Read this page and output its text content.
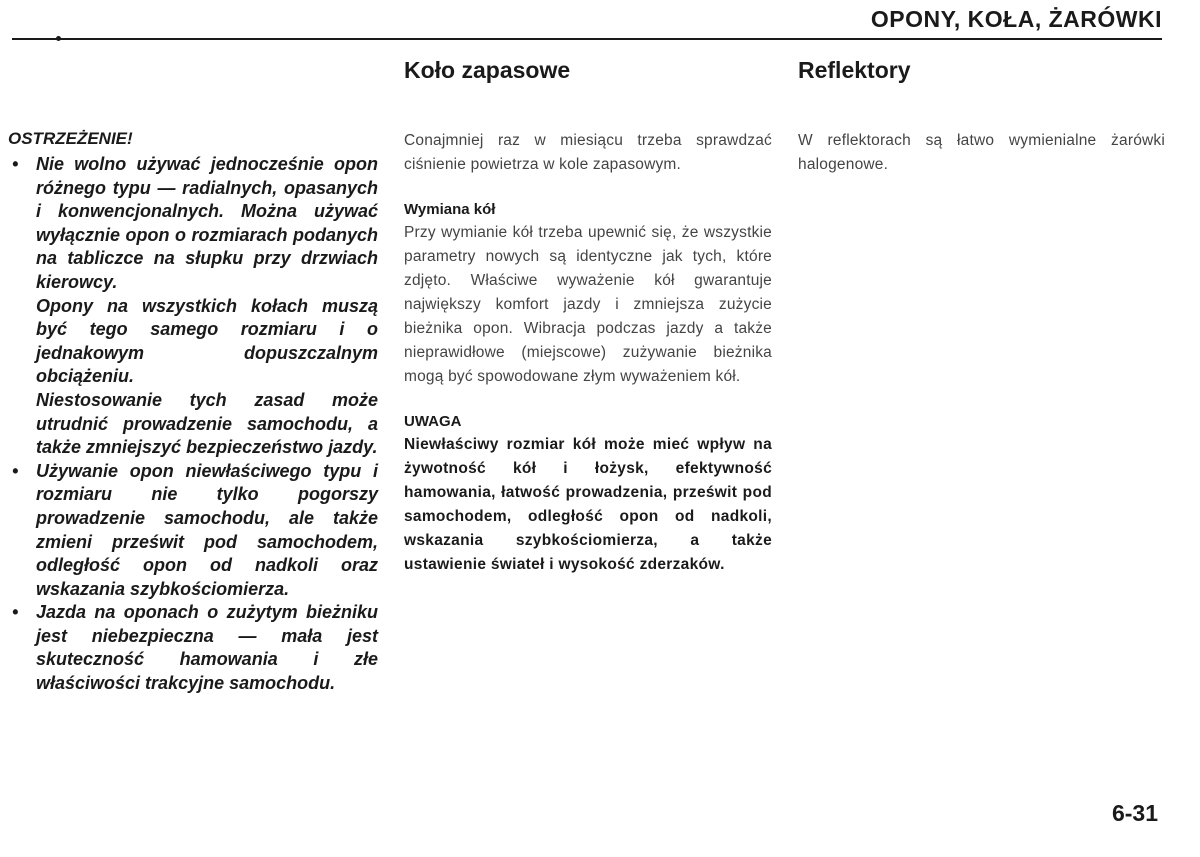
OPONY, KOŁA, ŻARÓWKI
OSTRZEŻENIE!
• Nie wolno używać jednocześnie opon różnego typu — radialnych, opasanych i konwencjonalnych. Można używać wyłącznie opon o rozmiarach podanych na tabliczce na słupku przy drzwiach kierowcy.

Opony na wszystkich kołach muszą być tego samego rozmiaru i o jednakowym dopuszczalnym obciążeniu.

Niestosowanie tych zasad może utrudnić prowadzenie samochodu, a także zmniejszyć bezpieczeństwo jazdy.

• Używanie opon niewłaściwego typu i rozmiaru nie tylko pogorszy prowadzenie samochodu, ale także zmieni prześwit pod samochodem, odległość opon od nadkoli oraz wskazania szybkościomierza.

• Jazda na oponach o zużytym bieżniku jest niebezpieczna — mała jest skuteczność hamowania i złe właściwości trakcyjne samochodu.

Koło zapasowe

Conajmniej raz w miesiącu trzeba sprawdzać ciśnienie powietrza w kole zapasowym.

Wymiana kół

Przy wymianie kół trzeba upewnić się, że wszystkie parametry nowych są identyczne jak tych, które zdjęto. Właściwe wyważenie kół gwarantuje największy komfort jazdy i zmniejsza zużycie bieżnika opon. Wibracja podczas jazdy a także nieprawidłowe (miejscowe) zużywanie bieżnika mogą być spowodowane złym wyważeniem kół.

UWAGA

Niewłaściwy rozmiar kół może mieć wpływ na żywotność kół i łożysk, efektywność hamowania, łatwość prowadzenia, prześwit pod samochodem, odległość opon od nadkoli, wskazania szybkościomierza, a także ustawienie świateł i wysokość zderzaków.

Reflektory

W reflektorach są łatwo wymienialne żarówki halogenowe.

6-31
